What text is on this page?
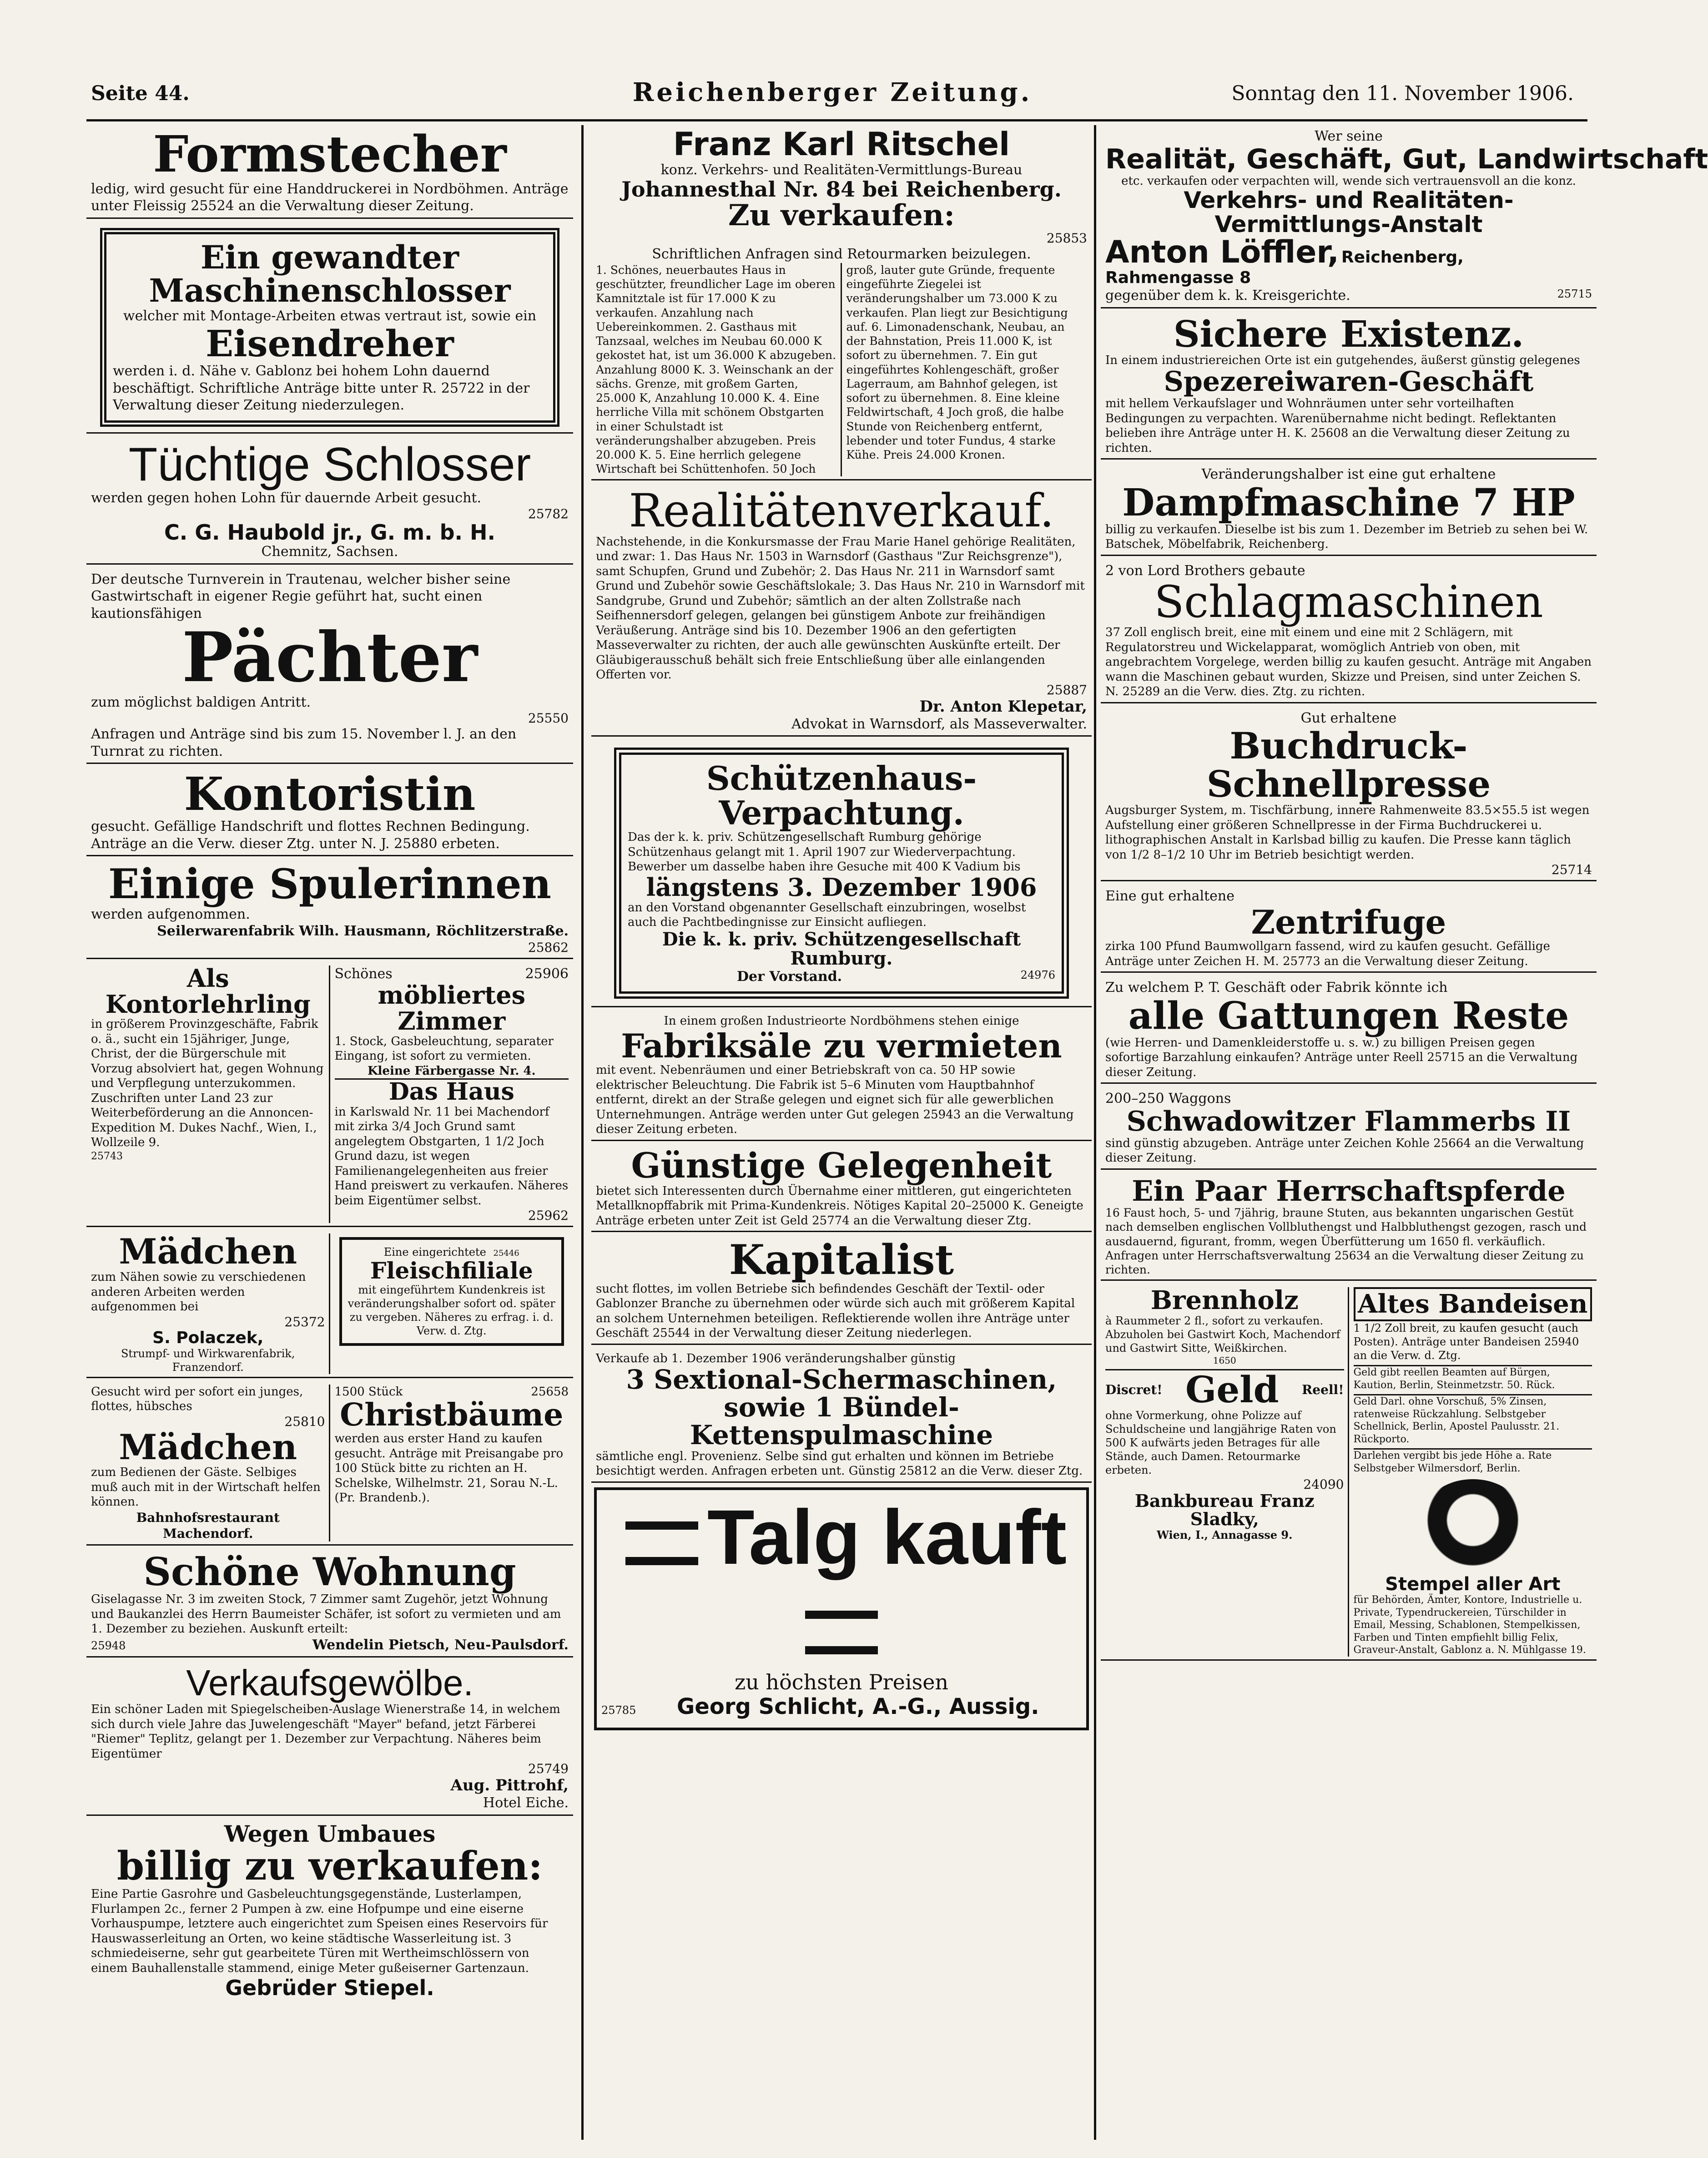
Seite 44.	Reichenberger Zeitung.	Sonntag den 11. November 1906.
Formstecher
ledig, wird gesucht für eine Handdruckerei in Nordböhmen. Anträge unter Fleissig 25524 an die Verwaltung dieser Zeitung.
Ein gewandter Maschinenschlosser
welcher mit Montage-Arbeiten etwas vertraut ist, sowie ein
Eisendreher
werden i. d. Nähe v. Gablonz bei hohem Lohn dauernd beschäftigt. Schriftliche Anträge bitte unter R. 25722 in der Verwaltung dieser Zeitung niederzulegen.
Tüchtige Schlosser
werden gegen hohen Lohn für dauernde Arbeit gesucht.
25782
C. G. Haubold jr., G. m. b. H.
Chemnitz, Sachsen.
Der deutsche Turnverein in Trautenau, welcher bisher seine Gastwirtschaft in eigener Regie geführt hat, sucht einen kautionsfähigen
Pächter
zum möglichst baldigen Antritt.
25550
Anfragen und Anträge sind bis zum 15. November l. J. an den Turnrat zu richten.
Kontoristin
gesucht. Gefällige Handschrift und flottes Rechnen Bedingung. Anträge an die Verw. dieser Ztg. unter N. J. 25880 erbeten.
Einige Spulerinnen
werden aufgenommen.
Seilerwarenfabrik Wilh. Hausmann, Röchlitzerstraße.
25862
Als Kontorlehrling
in größerem Provinzgeschäfte, Fabrik o. ä., sucht ein 15jähriger, Junge, Christ, der die Bürgerschule mit Vorzug absolviert hat, gegen Wohnung und Verpflegung unterzukommen. Zuschriften unter Land 23 zur Weiterbeförderung an die Annoncen-Expedition M. Dukes Nachf., Wien, I., Wollzeile 9.
25743
Schönes	25906
möbliertes Zimmer
1. Stock, Gasbeleuchtung, separater Eingang, ist sofort zu vermieten.
Kleine Färbergasse Nr. 4.
Das Haus
in Karlswald Nr. 11 bei Machendorf mit zirka 3/4 Joch Grund samt angelegtem Obstgarten, 1 1/2 Joch Grund dazu, ist wegen Familienangelegenheiten aus freier Hand preiswert zu verkaufen. Näheres beim Eigentümer selbst.
25962
Mädchen
zum Nähen sowie zu verschiedenen anderen Arbeiten werden aufgenommen bei
25372
S. Polaczek,
Strumpf- und Wirkwarenfabrik, Franzendorf.
Eine eingerichtete 25446
Fleischfiliale
mit eingeführtem Kundenkreis ist veränderungshalber sofort od. später zu vergeben. Näheres zu erfrag. i. d. Verw. d. Ztg.
Gesucht wird per sofort ein junges, flottes, hübsches
25810
Mädchen
zum Bedienen der Gäste. Selbiges muß auch mit in der Wirtschaft helfen können.
Bahnhofsrestaurant Machendorf.
1500 Stück	25658
Christbäume
werden aus erster Hand zu kaufen gesucht. Anträge mit Preisangabe pro 100 Stück bitte zu richten an H. Schelske, Wilhelmstr. 21, Sorau N.-L. (Pr. Brandenb.).
Schöne Wohnung
Giselagasse Nr. 3 im zweiten Stock, 7 Zimmer samt Zugehör, jetzt Wohnung und Baukanzlei des Herrn Baumeister Schäfer, ist sofort zu vermieten und am 1. Dezember zu beziehen. Auskunft erteilt:
25948	Wendelin Pietsch, Neu-Paulsdorf.
Verkaufsgewölbe.
Ein schöner Laden mit Spiegelscheiben-Auslage Wienerstraße 14, in welchem sich durch viele Jahre das Juwelengeschäft "Mayer" befand, jetzt Färberei "Riemer" Teplitz, gelangt per 1. Dezember zur Verpachtung. Näheres beim Eigentümer
25749
Aug. Pittrohf,
Hotel Eiche.
Wegen Umbaues
billig zu verkaufen:
Eine Partie Gasrohre und Gasbeleuchtungsgegenstände, Lusterlampen, Flurlampen 2c., ferner 2 Pumpen à zw. eine Hofpumpe und eine eiserne Vorhauspumpe, letztere auch eingerichtet zum Speisen eines Reservoirs für Hauswasserleitung an Orten, wo keine städtische Wasserleitung ist. 3 schmiedeiserne, sehr gut gearbeitete Türen mit Wertheimschlössern von einem Bauhallenstalle stammend, einige Meter gußeiserner Gartenzaun.
Gebrüder Stiepel.
Franz Karl Ritschel
konz. Verkehrs- und Realitäten-Vermittlungs-Bureau
Johannesthal Nr. 84 bei Reichenberg.
Zu verkaufen:
25853
Schriftlichen Anfragen sind Retourmarken beizulegen.
1. Schönes, neuerbautes Haus in geschützter, freundlicher Lage im oberen Kamnitztale ist für 17.000 K zu verkaufen. Anzahlung nach Uebereinkommen. 2. Gasthaus mit Tanzsaal, welches im Neubau 60.000 K gekostet hat, ist um 36.000 K abzugeben. Anzahlung 8000 K. 3. Weinschank an der sächs. Grenze, mit großem Garten, 25.000 K, Anzahlung 10.000 K. 4. Eine herrliche Villa mit schönem Obstgarten in einer Schulstadt ist veränderungshalber abzugeben. Preis 20.000 K. 5. Eine herrlich gelegene Wirtschaft bei Schüttenhofen. 50 Joch
groß, lauter gute Gründe, frequente eingeführte Ziegelei ist veränderungshalber um 73.000 K zu verkaufen. Plan liegt zur Besichtigung auf. 6. Limonadenschank, Neubau, an der Bahnstation, Preis 11.000 K, ist sofort zu übernehmen. 7. Ein gut eingeführtes Kohlengeschäft, großer Lagerraum, am Bahnhof gelegen, ist sofort zu übernehmen. 8. Eine kleine Feldwirtschaft, 4 Joch groß, die halbe Stunde von Reichenberg entfernt, lebender und toter Fundus, 4 starke Kühe. Preis 24.000 Kronen.
Realitätenverkauf.
Nachstehende, in die Konkursmasse der Frau Marie Hanel gehörige Realitäten, und zwar: 1. Das Haus Nr. 1503 in Warnsdorf (Gasthaus "Zur Reichsgrenze"), samt Schupfen, Grund und Zubehör; 2. Das Haus Nr. 211 in Warnsdorf samt Grund und Zubehör sowie Geschäftslokale; 3. Das Haus Nr. 210 in Warnsdorf mit Sandgrube, Grund und Zubehör; sämtlich an der alten Zollstraße nach Seifhennersdorf gelegen, gelangen bei günstigem Anbote zur freihändigen Veräußerung. Anträge sind bis 10. Dezember 1906 an den gefertigten Masseverwalter zu richten, der auch alle gewünschten Auskünfte erteilt. Der Gläubigerausschuß behält sich freie Entschließung über alle einlangenden Offerten vor.
25887
Dr. Anton Klepetar,
Advokat in Warnsdorf, als Masseverwalter.
Schützenhaus-Verpachtung.
Das der k. k. priv. Schützengesellschaft Rumburg gehörige Schützenhaus gelangt mit 1. April 1907 zur Wiederverpachtung. Bewerber um dasselbe haben ihre Gesuche mit 400 K Vadium bis
längstens 3. Dezember 1906
an den Vorstand obgenannter Gesellschaft einzubringen, woselbst auch die Pachtbedingnisse zur Einsicht aufliegen.
Die k. k. priv. Schützengesellschaft Rumburg.
Der Vorstand.	24976
In einem großen Industrieorte Nordböhmens stehen einige
Fabriksäle zu vermieten
mit event. Nebenräumen und einer Betriebskraft von ca. 50 HP sowie elektrischer Beleuchtung. Die Fabrik ist 5–6 Minuten vom Hauptbahnhof entfernt, direkt an der Straße gelegen und eignet sich für alle gewerblichen Unternehmungen. Anträge werden unter Gut gelegen 25943 an die Verwaltung dieser Zeitung erbeten.
Günstige Gelegenheit
bietet sich Interessenten durch Übernahme einer mittleren, gut eingerichteten Metallknopffabrik mit Prima-Kundenkreis. Nötiges Kapital 20–25000 K. Geneigte Anträge erbeten unter Zeit ist Geld 25774 an die Verwaltung dieser Ztg.
Kapitalist
sucht flottes, im vollen Betriebe sich befindendes Geschäft der Textil- oder Gablonzer Branche zu übernehmen oder würde sich auch mit größerem Kapital an solchem Unternehmen beteiligen. Reflektierende wollen ihre Anträge unter Geschäft 25544 in der Verwaltung dieser Zeitung niederlegen.
Verkaufe ab 1. Dezember 1906 veränderungshalber günstig
3 Sextional-Schermaschinen, sowie 1 Bündel-Kettenspulmaschine
sämtliche engl. Provenienz. Selbe sind gut erhalten und können im Betriebe besichtigt werden. Anfragen erbeten unt. Günstig 25812 an die Verw. dieser Ztg.
Talg kauft
zu höchsten Preisen
25785 Georg Schlicht, A.-G., Aussig.
Wer seine
Realität, Geschäft, Gut, Landwirtschaft
etc. verkaufen oder verpachten will, wende sich vertrauensvoll an die konz.
Verkehrs- und Realitäten-Vermittlungs-Anstalt
Anton Löffler, Reichenberg, Rahmengasse 8
gegenüber dem k. k. Kreisgerichte.	25715
Sichere Existenz.
In einem industriereichen Orte ist ein gutgehendes, äußerst günstig gelegenes
Spezereiwaren-Geschäft
mit hellem Verkaufslager und Wohnräumen unter sehr vorteilhaften Bedingungen zu verpachten. Warenübernahme nicht bedingt. Reflektanten belieben ihre Anträge unter H. K. 25608 an die Verwaltung dieser Zeitung zu richten.
Veränderungshalber ist eine gut erhaltene
Dampfmaschine 7 HP
billig zu verkaufen. Dieselbe ist bis zum 1. Dezember im Betrieb zu sehen bei W. Batschek, Möbelfabrik, Reichenberg.
2 von Lord Brothers gebaute
Schlagmaschinen
37 Zoll englisch breit, eine mit einem und eine mit 2 Schlägern, mit Regulatorstreu und Wickelapparat, womöglich Antrieb von oben, mit angebrachtem Vorgelege, werden billig zu kaufen gesucht. Anträge mit Angaben wann die Maschinen gebaut wurden, Skizze und Preisen, sind unter Zeichen S. N. 25289 an die Verw. dies. Ztg. zu richten.
Gut erhaltene
Buchdruck-Schnellpresse
Augsburger System, m. Tischfärbung, innere Rahmenweite 83.5×55.5 ist wegen Aufstellung einer größeren Schnellpresse in der Firma Buchdruckerei u. lithographischen Anstalt in Karlsbad billig zu kaufen. Die Presse kann täglich von 1/2 8–1/2 10 Uhr im Betrieb besichtigt werden.
25714
Eine gut erhaltene
Zentrifuge
zirka 100 Pfund Baumwollgarn fassend, wird zu kaufen gesucht. Gefällige Anträge unter Zeichen H. M. 25773 an die Verwaltung dieser Zeitung.
Zu welchem P. T. Geschäft oder Fabrik könnte ich
alle Gattungen Reste
(wie Herren- und Damenkleiderstoffe u. s. w.) zu billigen Preisen gegen sofortige Barzahlung einkaufen? Anträge unter Reell 25715 an die Verwaltung dieser Zeitung.
200–250 Waggons
Schwadowitzer Flammerbs II
sind günstig abzugeben. Anträge unter Zeichen Kohle 25664 an die Verwaltung dieser Zeitung.
Ein Paar Herrschaftspferde
16 Faust hoch, 5- und 7jährig, braune Stuten, aus bekannten ungarischen Gestüt nach demselben englischen Vollbluthengst und Halbbluthengst gezogen, rasch und ausdauernd, figurant, fromm, wegen Überfütterung um 1650 fl. verkäuflich. Anfragen unter Herrschaftsverwaltung 25634 an die Verwaltung dieser Zeitung zu richten.
Brennholz
à Raummeter 2 fl., sofort zu verkaufen. Abzuholen bei Gastwirt Koch, Machendorf und Gastwirt Sitte, Weißkirchen.
1650
Discret! Geld Reell!
ohne Vormerkung, ohne Polizze auf Schuldscheine und langjährige Raten von 500 K aufwärts jeden Betrages für alle Stände, auch Damen. Retourmarke erbeten.
24090
Bankbureau Franz Sladky,
Wien, I., Annagasse 9.
Altes Bandeisen
1 1/2 Zoll breit, zu kaufen gesucht (auch Posten). Anträge unter Bandeisen 25940 an die Verw. d. Ztg.
Geld gibt reellen Beamten auf Bürgen, Kaution, Berlin, Steinmetzstr. 50. Rück.
Geld Darl. ohne Vorschuß, 5% Zinsen, ratenweise Rückzahlung. Selbstgeber Schellnick, Berlin, Apostel Paulusstr. 21. Rückporto.
Darlehen vergibt bis jede Höhe a. Rate Selbstgeber Wilmersdorf, Berlin.
Stempel aller Art
für Behörden, Ämter, Kontore, Industrielle u. Private, Typendruckereien, Türschilder in Email, Messing, Schablonen, Stempelkissen, Farben und Tinten empfiehlt billig Felix, Graveur-Anstalt, Gablonz a. N. Mühlgasse 19.
